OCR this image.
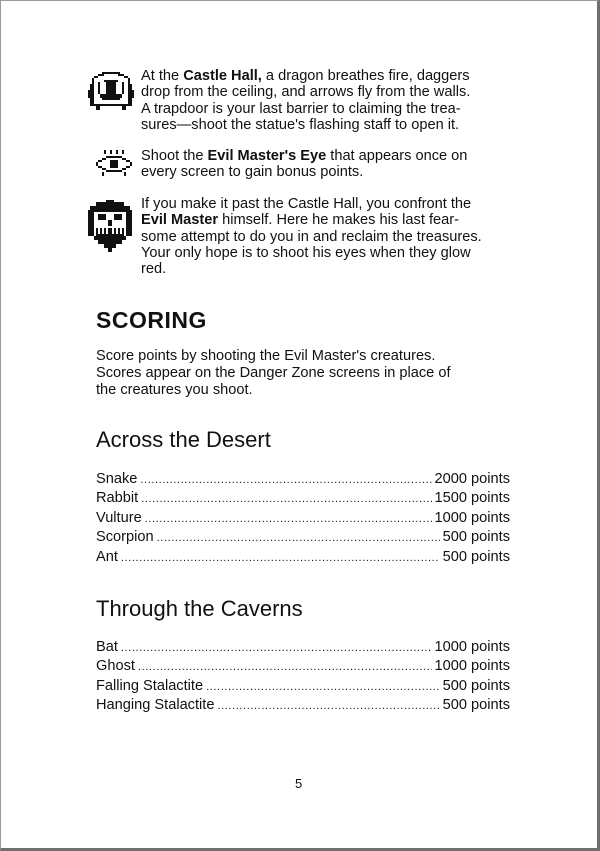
At the Castle Hall, a dragon breathes fire, daggers
drop from the ceiling, and arrows fly from the walls.
A trapdoor is your last barrier to claiming the trea-
sures—shoot the statue's flashing staff to open it.
Shoot the Evil Master's Eye that appears once on
every screen to gain bonus points.
If you make it past the Castle Hall, you confront the
Evil Master himself. Here he makes his last fear-
some attempt to do you in and reclaim the treasures.
Your only hope is to shoot his eyes when they glow
red.
SCORING
Score points by shooting the Evil Master's creatures.
Scores appear on the Danger Zone screens in place of
the creatures you shoot.
Across the Desert
Snake .....	2000 points
Rabbit .....	1500 points
Vulture .....	1000 points
Scorpion .....	500 points
Ant .....	500 points
Through the Caverns
Bat .....	1000 points
Ghost .....	1000 points
Falling Stalactite .....	500 points
Hanging Stalactite .....	500 points
5
